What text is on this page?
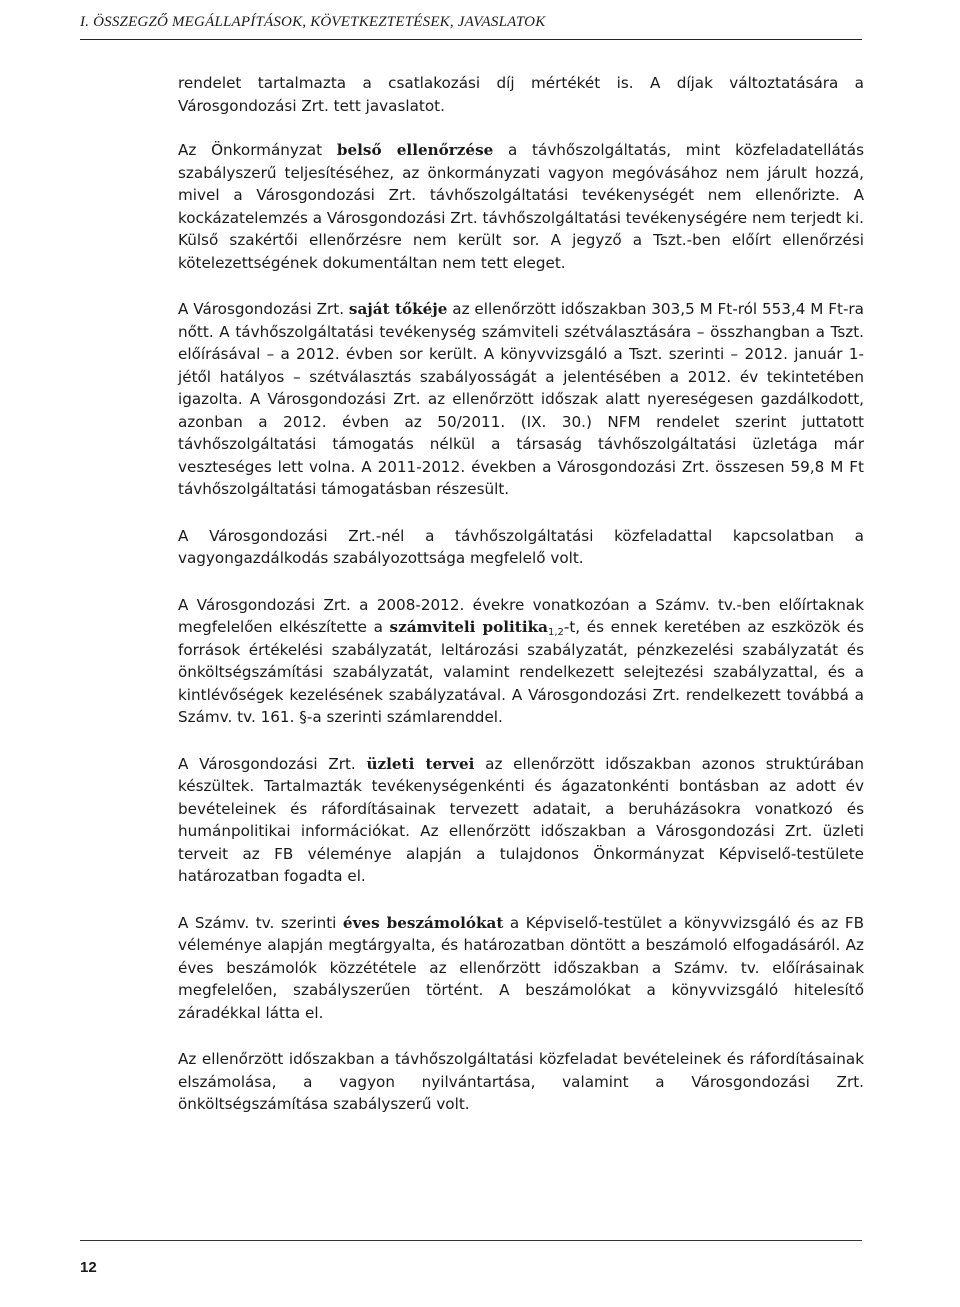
I. ÖSSZEGZŐ MEGÁLLAPÍTÁSOK, KÖVETKEZTETÉSEK, JAVASLATOK

rendelet tartalmazta a csatlakozási díj mértékét is. A díjak változtatására a Városgondozási Zrt. tett javaslatot.

Az Önkormányzat belső ellenőrzése a távhőszolgáltatás, mint közfeladatellátás szabályszerű teljesítéséhez, az önkormányzati vagyon megóvásához nem járult hozzá, mivel a Városgondozási Zrt. távhőszolgáltatási tevékenységét nem ellenőrizte. A kockázatelemzés a Városgondozási Zrt. távhőszolgáltatási tevékenységére nem terjedt ki. Külső szakértői ellenőrzésre nem került sor. A jegyző a Tszt.-ben előírt ellenőrzési kötelezettségének dokumentáltan nem tett eleget.

A Városgondozási Zrt. saját tőkéje az ellenőrzött időszakban 303,5 M Ft-ról 553,4 M Ft-ra nőtt. A távhőszolgáltatási tevékenység számviteli szétválasztására – összhangban a Tszt. előírásával – a 2012. évben sor került. A könyvvizsgáló a Tszt. szerinti – 2012. január 1-jétől hatályos – szétválasztás szabályosságát a jelentésében a 2012. év tekintetében igazolta. A Városgondozási Zrt. az ellenőrzött időszak alatt nyereségesen gazdálkodott, azonban a 2012. évben az 50/2011. (IX. 30.) NFM rendelet szerint juttatott távhőszolgáltatási támogatás nélkül a társaság távhőszolgáltatási üzletága már veszteséges lett volna. A 2011-2012. években a Városgondozási Zrt. összesen 59,8 M Ft távhőszolgáltatási támogatásban részesült.

A Városgondozási Zrt.-nél a távhőszolgáltatási közfeladattal kapcsolatban a vagyongazdálkodás szabályozottsága megfelelő volt.

A Városgondozási Zrt. a 2008-2012. évekre vonatkozóan a Számv. tv.-ben előírtaknak megfelelően elkészítette a számviteli politika$_{1,2}$-t, és ennek keretében az eszközök és források értékelési szabályzatát, leltározási szabályzatát, pénzkezelési szabályzatát és önköltségszámítási szabályzatát, valamint rendelkezett selejtezési szabályzattal, és a kintlévőségek kezelésének szabályzatával. A Városgondozási Zrt. rendelkezett továbbá a Számv. tv. 161. §-a szerinti számlarenddel.

A Városgondozási Zrt. üzleti tervei az ellenőrzött időszakban azonos struktúrában készültek. Tartalmazták tevékenységenkénti és ágazatonkénti bontásban az adott év bevételeinek és ráfordításainak tervezett adatait, a beruházásokra vonatkozó és humánpolitikai információkat. Az ellenőrzött időszakban a Városgondozási Zrt. üzleti terveit az FB véleménye alapján a tulajdonos Önkormányzat Képviselő-testülete határozatban fogadta el.

A Számv. tv. szerinti éves beszámolókat a Képviselő-testület a könyvvizsgáló és az FB véleménye alapján megtárgyalta, és határozatban döntött a beszámoló elfogadásáról. Az éves beszámolók közzététele az ellenőrzött időszakban a Számv. tv. előírásainak megfelelően, szabályszerűen történt. A beszámolókat a könyvvizsgáló hitelesítő záradékkal látta el.

Az ellenőrzött időszakban a távhőszolgáltatási közfeladat bevételeinek és ráfordításainak elszámolása, a vagyon nyilvántartása, valamint a Városgondozási Zrt. önköltségszámítása szabályszerű volt.

12
